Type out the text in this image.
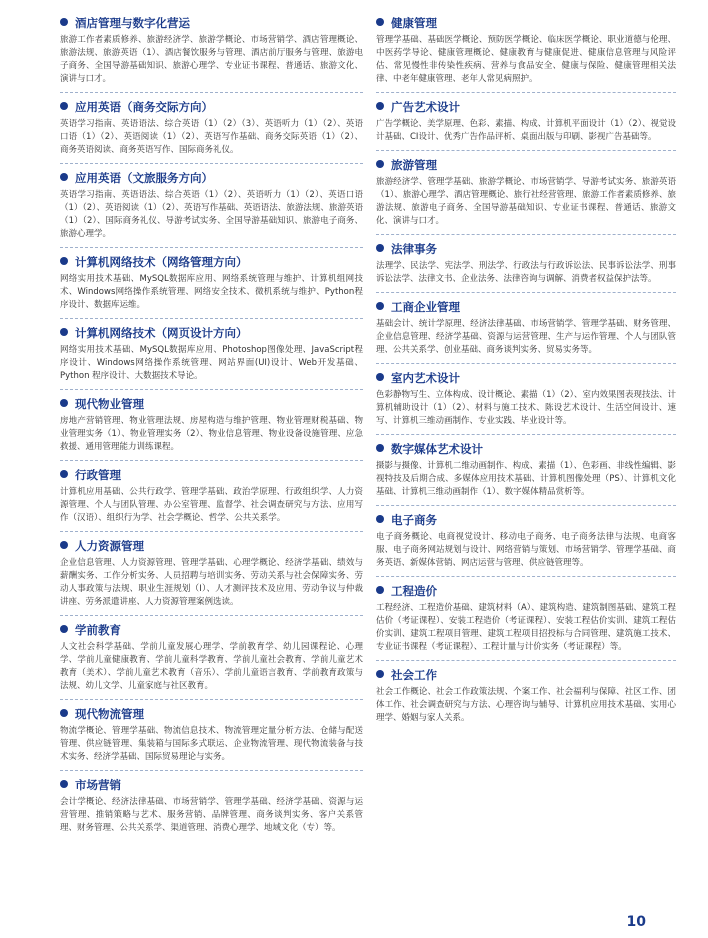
酒店管理与数字化营运
旅游工作者素质修养、旅游经济学、旅游学概论、市场营销学、酒店管理概论、旅游法规、旅游英语（1）、酒店餐饮服务与管理、酒店前厅服务与管理、旅游电子商务、全国导游基础知识、旅游心理学、专业证书课程、普通话、旅游文化、演讲与口才。
应用英语（商务交际方向）
英语学习指南、英语语法、综合英语（1）（2）（3）、英语听力（1）（2）、英语口语（1）（2）、英语阅读（1）（2）、英语写作基础、商务交际英语（1）（2）、商务英语阅读、商务英语写作、国际商务礼仪。
应用英语（文旅服务方向）
英语学习指南、英语语法、综合英语（1）（2）、英语听力（1）（2）、英语口语（1）（2）、英语阅读（1）（2）、英语写作基础、英语语法、旅游法规、旅游英语（1）（2）、国际商务礼仪、导游考试实务、全国导游基础知识、旅游电子商务、旅游心理学。
计算机网络技术（网络管理方向）
网络实用技术基础、MySQL数据库应用、网络系统管理与维护、计算机组网技术、Windows网络操作系统管理、网络安全技术、微机系统与维护、Python程序设计、数据库运维。
计算机网络技术（网页设计方向）
网络实用技术基础、MySQL数据库应用、Photoshop图像处理、JavaScript程序设计、Windows网络操作系统管理、网站界面(UI)设计、Web开发基础、Python 程序设计、大数据技术导论。
现代物业管理
房地产营销管理、物业管理法规、房屋构造与维护管理、物业管理财税基础、物业管理实务（1）、物业管理实务（2）、物业信息管理、物业设备设施管理、应急救援、通用管理能力训练课程。
行政管理
计算机应用基础、公共行政学、管理学基础、政治学原理、行政组织学、人力资源管理、个人与团队管理、办公室管理、监督学、社会调查研究与方法、应用写作（汉语）、组织行为学、社会学概论、哲学、公共关系学。
人力资源管理
企业信息管理、人力资源管理、管理学基础、心理学概论、经济学基础、绩效与薪酬实务、工作分析实务、人员招聘与培训实务、劳动关系与社会保障实务、劳动人事政策与法规、职业生涯规划（Ⅰ）、人才测评技术及应用、劳动争议与仲裁讲座、劳务派遣讲座、人力资源管理案例选读。
学前教育
人文社会科学基础、学前儿童发展心理学、学前教育学、幼儿园课程论、心理学、学前儿童健康教育、学前儿童科学教育、学前儿童社会教育、学前儿童艺术教育（美术）、学前儿童艺术教育（音乐）、学前儿童语言教育、学前教育政策与法规、幼儿文学、儿童家庭与社区教育。
现代物流管理
物流学概论、管理学基础、物流信息技术、物流管理定量分析方法、仓储与配送管理、供应链管理、集装箱与国际多式联运、企业物流管理、现代物流装备与技术实务、经济学基础、国际贸易理论与实务。
市场营销
会计学概论、经济法律基础、市场营销学、管理学基础、经济学基础、资源与运营管理、推销策略与艺术、服务营销、品牌管理、商务谈判实务、客户关系管理、财务管理、公共关系学、渠道管理、消费心理学、地域文化（专）等。
健康管理
管理学基础、基础医学概论、预防医学概论、临床医学概论、职业道德与伦理、中医药学导论、健康管理概论、健康教育与健康促进、健康信息管理与风险评估、常见慢性非传染性疾病、营养与食品安全、健康与保险、健康管理相关法律、中老年健康管理、老年人常见病照护。
广告艺术设计
广告学概论、美学原理、色彩、素描、构成、计算机平面设计（1）（2）、视觉设计基础、CI设计、优秀广告作品评析、桌面出版与印刷、影视广告基础等。
旅游管理
旅游经济学、管理学基础、旅游学概论、市场营销学、导游考试实务、旅游英语（1）、旅游心理学、酒店管理概论、旅行社经营管理、旅游工作者素质修养、旅游法规、旅游电子商务、全国导游基础知识、专业证书课程、普通话、旅游文化、演讲与口才。
法律事务
法理学、民法学、宪法学、刑法学、行政法与行政诉讼法、民事诉讼法学、刑事诉讼法学、法律文书、企业法务、法律咨询与调解、消费者权益保护法等。
工商企业管理
基础会计、统计学原理、经济法律基础、市场营销学、管理学基础、财务管理、企业信息管理、经济学基础、资源与运营管理、生产与运作管理、个人与团队管理、公共关系学、创业基础、商务谈判实务、贸易实务等。
室内艺术设计
色彩静物写生、立体构成、设计概论、素描（1）（2）、室内效果图表现技法、计算机辅助设计（1）（2）、材料与施工技术、陈设艺术设计、生活空间设计、速写、计算机三维动画制作、专业实践、毕业设计等。
数字媒体艺术设计
摄影与摄像、计算机二维动画制作、构成、素描（1）、色彩画、非线性编辑、影视特技及后期合成、多媒体应用技术基础、计算机图像处理（PS）、计算机文化基础、计算机三维动画制作（1）、数字媒体精品赏析等。
电子商务
电子商务概论、电商视觉设计、移动电子商务、电子商务法律与法规、电商客服、电子商务网站规划与设计、网络营销与策划、市场营销学、管理学基础、商务英语、新媒体营销、网店运营与管理、供应链管理等。
工程造价
工程经济、工程造价基础、建筑材料（A）、建筑构造、建筑制图基础、建筑工程估价（考证课程）、安装工程造价（考证课程）、安装工程估价实训、建筑工程估价实训、建筑工程项目管理、建筑工程项目招投标与合同管理、建筑施工技术、专业证书课程（考证课程）、工程计量与计价实务（考证课程）等。
社会工作
社会工作概论、社会工作政策法规、个案工作、社会福利与保障、社区工作、团体工作、社会调查研究与方法、心理咨询与辅导、计算机应用技术基础、实用心理学、婚姻与家人关系。
10
